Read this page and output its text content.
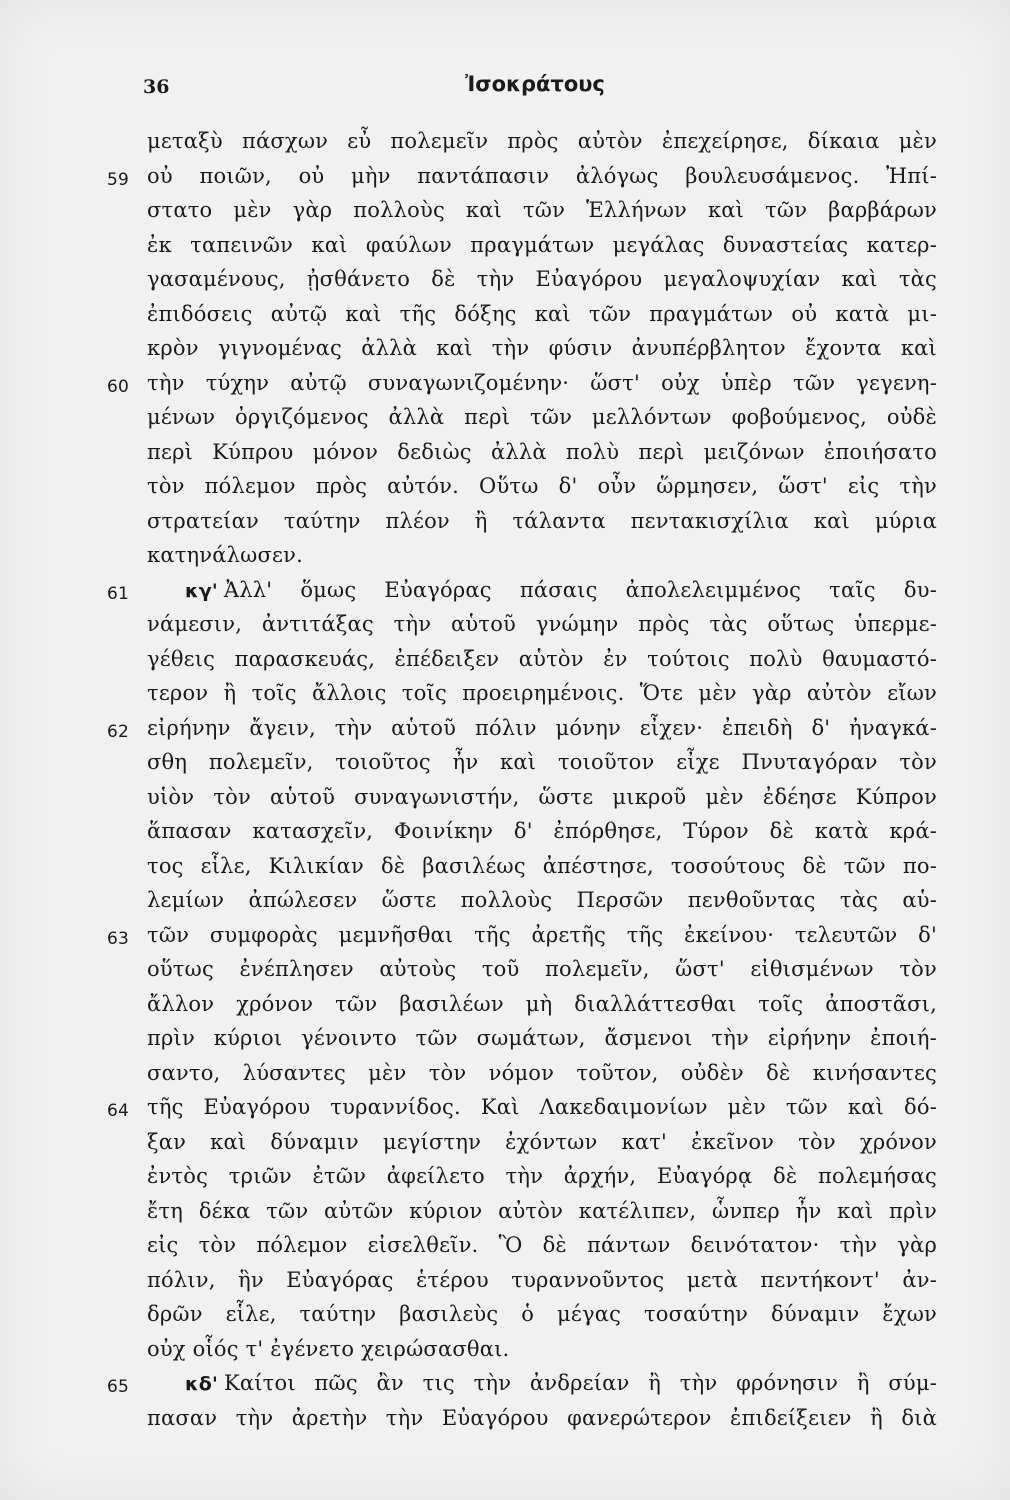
36	Ἰσοκράτους
μεταξὺ πάσχων εὖ πολεμεῖν πρὸς αὐτὸν ἐπεχείρησε, δίκαια μὲν
59 οὐ ποιῶν, οὐ μὴν παντάπασιν ἀλόγως βουλευσάμενος. Ἠπί-
στατο μὲν γὰρ πολλοὺς καὶ τῶν Ἑλλήνων καὶ τῶν βαρβάρων
ἐκ ταπεινῶν καὶ φαύλων πραγμάτων μεγάλας δυναστείας κατερ-
γασαμένους, ᾐσθάνετο δὲ τὴν Εὐαγόρου μεγαλοψυχίαν καὶ τὰς
ἐπιδόσεις αὐτῷ καὶ τῆς δόξης καὶ τῶν πραγμάτων οὐ κατὰ μι-
κρὸν γιγνομένας ἀλλὰ καὶ τὴν φύσιν ἀνυπέρβλητον ἔχοντα καὶ
60 τὴν τύχην αὐτῷ συναγωνιζομένην· ὥστ' οὐχ ὑπὲρ τῶν γεγενη-
μένων ὀργιζόμενος ἀλλὰ περὶ τῶν μελλόντων φοβούμενος, οὐδὲ
περὶ Κύπρου μόνον δεδιὼς ἀλλὰ πολὺ περὶ μειζόνων ἐποιήσατο
τὸν πόλεμον πρὸς αὐτόν. Οὕτω δ' οὖν ὥρμησεν, ὥστ' εἰς τὴν
στρατείαν ταύτην πλέον ἢ τάλαντα πεντακισχίλια καὶ μύρια
κατηνάλωσεν.
61	κγ' Ἀλλ' ὅμως Εὐαγόρας πάσαις ἀπολελειμμένος ταῖς δυ-
νάμεσιν, ἀντιτάξας τὴν αὑτοῦ γνώμην πρὸς τὰς οὕτως ὑπερμε-
γέθεις παρασκευάς, ἐπέδειξεν αὑτὸν ἐν τούτοις πολὺ θαυμαστό-
τερον ἢ τοῖς ἄλλοις τοῖς προειρημένοις. Ὅτε μὲν γὰρ αὐτὸν εἴων
62 εἰρήνην ἄγειν, τὴν αὑτοῦ πόλιν μόνην εἶχεν· ἐπειδὴ δ' ἠναγκά-
σθη πολεμεῖν, τοιοῦτος ἦν καὶ τοιοῦτον εἶχε Πνυταγόραν τὸν
υἱὸν τὸν αὑτοῦ συναγωνιστήν, ὥστε μικροῦ μὲν ἐδέησε Κύπρον
ἅπασαν κατασχεῖν, Φοινίκην δ' ἐπόρθησε, Τύρον δὲ κατὰ κρά-
τος εἷλε, Κιλικίαν δὲ βασιλέως ἀπέστησε, τοσούτους δὲ τῶν πο-
λεμίων ἀπώλεσεν ὥστε πολλοὺς Περσῶν πενθοῦντας τὰς αὑ-
63 τῶν συμφορὰς μεμνῆσθαι τῆς ἀρετῆς τῆς ἐκείνου· τελευτῶν δ'
οὕτως ἐνέπλησεν αὐτοὺς τοῦ πολεμεῖν, ὥστ' εἰθισμένων τὸν
ἄλλον χρόνον τῶν βασιλέων μὴ διαλλάττεσθαι τοῖς ἀποστᾶσι,
πρὶν κύριοι γένοιντο τῶν σωμάτων, ἄσμενοι τὴν εἰρήνην ἐποιή-
σαντο, λύσαντες μὲν τὸν νόμον τοῦτον, οὐδὲν δὲ κινήσαντες
64 τῆς Εὐαγόρου τυραννίδος. Καὶ Λακεδαιμονίων μὲν τῶν καὶ δό-
ξαν καὶ δύναμιν μεγίστην ἐχόντων κατ' ἐκεῖνον τὸν χρόνον
ἐντὸς τριῶν ἐτῶν ἀφείλετο τὴν ἀρχήν, Εὐαγόρᾳ δὲ πολεμήσας
ἔτη δέκα τῶν αὐτῶν κύριον αὐτὸν κατέλιπεν, ὧνπερ ἦν καὶ πρὶν
εἰς τὸν πόλεμον εἰσελθεῖν. Ὃ δὲ πάντων δεινότατον· τὴν γὰρ
πόλιν, ἣν Εὐαγόρας ἑτέρου τυραννοῦντος μετὰ πεντήκοντ' ἀν-
δρῶν εἷλε, ταύτην βασιλεὺς ὁ μέγας τοσαύτην δύναμιν ἔχων
οὐχ οἷός τ' ἐγένετο χειρώσασθαι.
65	κδ' Καίτοι πῶς ἂν τις τὴν ἀνδρείαν ἢ τὴν φρόνησιν ἢ σύμ-
πασαν τὴν ἀρετὴν τὴν Εὐαγόρου φανερώτερον ἐπιδείξειεν ἢ διὰ
